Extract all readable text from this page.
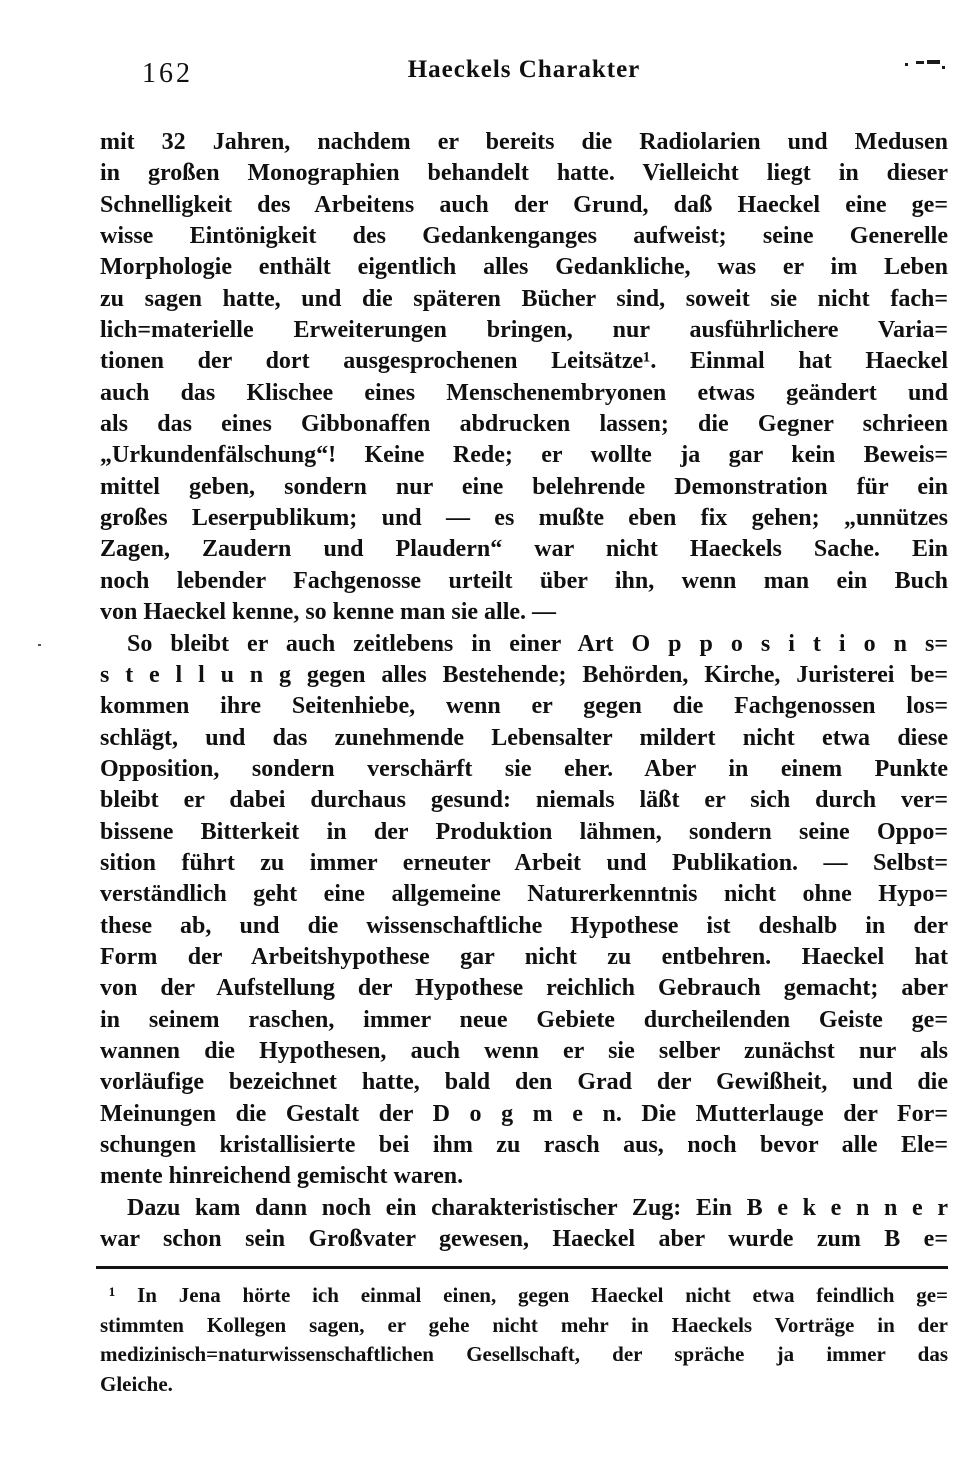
162	Haeckels Charakter
mit 32 Jahren, nachdem er bereits die Radiolarien und Medusen
in großen Monographien behandelt hatte. Vielleicht liegt in dieser
Schnelligkeit des Arbeitens auch der Grund, daß Haeckel eine ge=
wisse Eintönigkeit des Gedankenganges aufweist; seine Generelle
Morphologie enthält eigentlich alles Gedankliche, was er im Leben
zu sagen hatte, und die späteren Bücher sind, soweit sie nicht fach=
lich=materielle Erweiterungen bringen, nur ausführlichere Varia=
tionen der dort ausgesprochenen Leitsätze¹. Einmal hat Haeckel
auch das Klischee eines Menschenembryonen etwas geändert und
als das eines Gibbonaffen abdrucken lassen; die Gegner schrieen
„Urkundenfälschung“! Keine Rede; er wollte ja gar kein Beweis=
mittel geben, sondern nur eine belehrende Demonstration für ein
großes Leserpublikum; und — es mußte eben fix gehen; „unnützes
Zagen, Zaudern und Plaudern“ war nicht Haeckels Sache. Ein
noch lebender Fachgenosse urteilt über ihn, wenn man ein Buch
von Haeckel kenne, so kenne man sie alle. —
So bleibt er auch zeitlebens in einer Art O p p o s i t i o n s=
s t e l l u n g gegen alles Bestehende; Behörden, Kirche, Juristerei be=
kommen ihre Seitenhiebe, wenn er gegen die Fachgenossen los=
schlägt, und das zunehmende Lebensalter mildert nicht etwa diese
Opposition, sondern verschärft sie eher. Aber in einem Punkte
bleibt er dabei durchaus gesund: niemals läßt er sich durch ver=
bissene Bitterkeit in der Produktion lähmen, sondern seine Oppo=
sition führt zu immer erneuter Arbeit und Publikation. — Selbst=
verständlich geht eine allgemeine Naturerkenntnis nicht ohne Hypo=
these ab, und die wissenschaftliche Hypothese ist deshalb in der
Form der Arbeitshypothese gar nicht zu entbehren. Haeckel hat
von der Aufstellung der Hypothese reichlich Gebrauch gemacht; aber
in seinem raschen, immer neue Gebiete durcheilenden Geiste ge=
wannen die Hypothesen, auch wenn er sie selber zunächst nur als
vorläufige bezeichnet hatte, bald den Grad der Gewißheit, und die
Meinungen die Gestalt der D o g m e n. Die Mutterlauge der For=
schungen kristallisierte bei ihm zu rasch aus, noch bevor alle Ele=
mente hinreichend gemischt waren.
Dazu kam dann noch ein charakteristischer Zug: Ein B e k e n n e r
war schon sein Großvater gewesen, Haeckel aber wurde zum B e=
¹ In Jena hörte ich einmal einen, gegen Haeckel nicht etwa feindlich ge=
stimmten Kollegen sagen, er gehe nicht mehr in Haeckels Vorträge in der
medizinisch=naturwissenschaftlichen Gesellschaft, der spräche ja immer das
Gleiche.
